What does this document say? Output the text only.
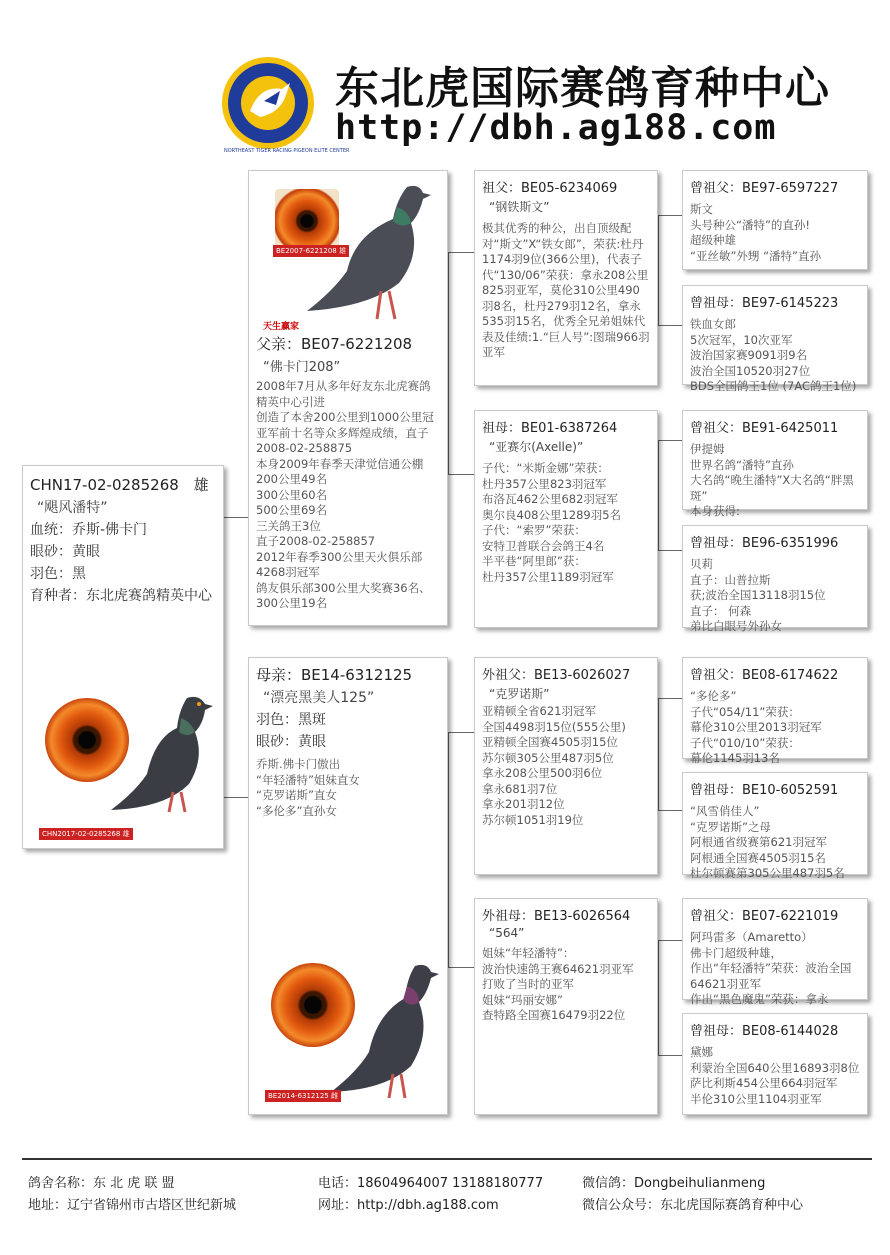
NORTHEAST TIGER RACING PIGEON ELITE CENTER
东北虎国际赛鸽育种中心
http://dbh.ag188.com
CHN17-02-0285268 雄
“飓风潘特”
血统：乔斯-佛卡门
眼砂：黄眼
羽色：黑
育种者：东北虎赛鸽精英中心
CHN2017-02-0285268 雄
BE2007-6221208 雄
天生赢家
父亲：BE07-6221208
“佛卡门208”
2008年7月从多年好友东北虎赛鸽精英中心引进
创造了本舍200公里到1000公里冠亚军前十名等众多辉煌成绩，直子2008-02-258875
本身2009年春季天津觉信通公棚200公里49名
300公里60名
500公里69名
三关鸽王3位
直子2008-02-258857
2012年春季300公里天火俱乐部4268羽冠军
鸽友俱乐部300公里大奖赛36名、300公里19名
母亲：BE14-6312125
“漂亮黑美人125”
羽色：黑斑
眼砂：黄眼
乔斯.佛卡门傲出
“年轻潘特”姐妹直女
“克罗诺斯”直女
“多伦多”直孙女
BE2014-6312125 雌
祖父：BE05-6234069
“钢铁斯文”
极其优秀的种公，出自顶级配对“斯文”X“铁女郎”，荣获:杜丹1174羽9位(366公里)，代表子代“130/06”荣获：拿永208公里825羽亚军，莫伦310公里490羽8名，杜丹279羽12名，拿永535羽15名，优秀全兄弟姐妹代表及佳绩:1.“巨人号”:图瑞966羽亚军
祖母：BE01-6387264
“亚赛尔(Axelle)”
子代：“米斯金娜”荣获：
杜丹357公里823羽冠军
布洛瓦462公里682羽冠军
奥尔良408公里1289羽5名
子代：“索罗”荣获：
安特卫普联合会鸽王4名
半平巷“阿里郎”获：
杜丹357公里1189羽冠军
外祖父：BE13-6026027
“克罗诺斯”
亚精顿全省621羽冠军
全国4498羽15位(555公里)
亚精顿全国赛4505羽15位
苏尔顿305公里487羽5位
拿永208公里500羽6位
拿永681羽7位
拿永201羽12位
苏尔顿1051羽19位
外祖母：BE13-6026564
“564”
姐妹“年轻潘特”：
波治快速鸽王赛64621羽亚军
打败了当时的亚军
姐妹“玛丽安娜”
查特路全国赛16479羽22位
曾祖父：BE97-6597227
斯文
头号种公“潘特”的直孙!
超级种雄
“亚丝敏”外甥 “潘特”直孙
曾祖母：BE97-6145223
铁血女郎
5次冠军，10次亚军
波治国家赛9091羽9名
波治全国10520羽27位
BDS全国鸽王1位 (7AC鸽王1位)
曾祖父：BE91-6425011
伊提姆
世界名鸽“潘特”直孙
大名鸽“晚生潘特”X大名鸽“胖黑斑”
本身获得:
曾祖母：BE96-6351996
贝莉
直子：山普拉斯
获;波治全国13118羽15位
直子： 何森
弟比白眼号外孙女
曾祖父：BE08-6174622
“多伦多”
子代“054/11”荣获：
幕伦310公里2013羽冠军
子代“010/10”荣获：
幕伦1145羽13名
曾祖母：BE10-6052591
“风雪俏佳人”
“克罗诺斯”之母
阿根通省级赛第621羽冠军
阿根通全国赛4505羽15名
杜尔顿赛第305公里487羽5名
曾祖父：BE07-6221019
阿玛雷多（Amaretto）
佛卡门超级种雄，
作出“年轻潘特”荣获：波治全国64621羽亚军
作出“黑色魔鬼”荣获：拿永
曾祖母：BE08-6144028
黛娜
利蒙治全国640公里16893羽8位
萨比利斯454公里664羽冠军
半伦310公里1104羽亚军
鸽舍名称：东 北 虎 联 盟	电话：18604964007 13188180777	微信鸽：Dongbeihulianmeng
地址：辽宁省锦州市古塔区世纪新城	网址：http://dbh.ag188.com	微信公众号：东北虎国际赛鸽育种中心
